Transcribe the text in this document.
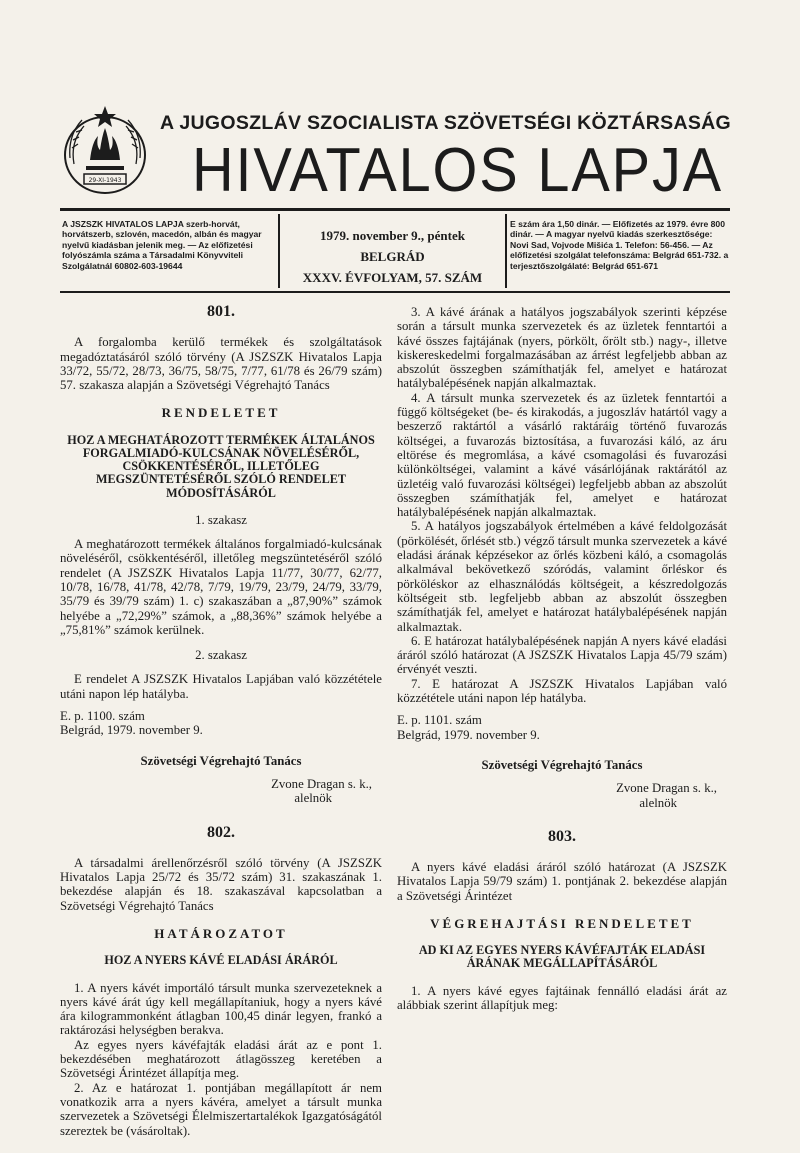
29-XI-1943
A JUGOSZLÁV SZOCIALISTA SZÖVETSÉGI KÖZTÁRSASÁG
HIVATALOS LAPJA
A JSZSZK HIVATALOS LAPJA szerb-horvát, horvátszerb, szlovén, macedón, albán és magyar nyelvű kiadásban jelenik meg. — Az előfizetési folyószámla száma a Társadalmi Könyvviteli Szolgálatnál 60802-603-19644
1979. november 9., péntek
BELGRÁD
XXXV. ÉVFOLYAM, 57. SZÁM
E szám ára 1,50 dinár. — Előfizetés az 1979. évre 800 dinár. — A magyar nyelvű kiadás szerkesztősége: Novi Sad, Vojvode Mišića 1. Telefon: 56-456. — Az előfizetési szolgálat telefonszáma: Belgrád 651-732. a terjesztőszolgálaté: Belgrád 651-671
801.

A forgalomba kerülő termékek és szolgáltatások megadóztatásáról szóló törvény (A JSZSZK Hivatalos Lapja 33/72, 55/72, 28/73, 36/75, 58/75, 7/77, 61/78 és 26/79 szám) 57. szakasza alapján a Szövetségi Végrehajtó Tanács

RENDELETET
HOZ A MEGHATÁROZOTT TERMÉKEK ÁLTALÁNOS FORGALMIADÓ-KULCSÁNAK NÖVELÉSÉRŐL, CSÖKKENTÉSÉRŐL, ILLETŐLEG MEGSZÜNTETÉSÉRŐL SZÓLÓ RENDELET MÓDOSÍTÁSÁRÓL
1. szakasz

A meghatározott termékek általános forgalmiadó-kulcsának növeléséről, csökkentéséről, illetőleg megszüntetéséről szóló rendelet (A JSZSZK Hivatalos Lapja 11/77, 30/77, 62/77, 10/78, 16/78, 41/78, 42/78, 7/79, 19/79, 23/79, 24/79, 33/79, 35/79 és 39/79 szám) 1. c) szakaszában a „87,90%” számok helyébe a „72,29%” számok, a „88,36%” számok helyébe a „75,81%” számok kerülnek.

2. szakasz

E rendelet A JSZSZK Hivatalos Lapjában való közzététele utáni napon lép hatályba.

E. p. 1100. szám

Belgrád, 1979. november 9.

Szövetségi Végrehajtó Tanács
Zvone Dragan s. k.,
alelnök
802.

A társadalmi árellenőrzésről szóló törvény (A JSZSZK Hivatalos Lapja 25/72 és 35/72 szám) 31. szakaszának 1. bekezdése alapján és 18. szakaszával kapcsolatban a Szövetségi Végrehajtó Tanács

HATÁROZATOT
HOZ A NYERS KÁVÉ ELADÁSI ÁRÁRÓL

1. A nyers kávét importáló társult munka szervezeteknek a nyers kávé árát úgy kell megállapítaniuk, hogy a nyers kávé ára kilogrammonként átlagban 100,45 dinár legyen, frankó a raktározási helységben berakva.

Az egyes nyers kávéfajták eladási árát az e pont 1. bekezdésében meghatározott átlagösszeg keretében a Szövetségi Árintézet állapítja meg.

2. Az e határozat 1. pontjában megállapított ár nem vonatkozik arra a nyers kávéra, amelyet a társult munka szervezetek a Szövetségi Élelmiszertartalékok Igazgatóságától szereztek be (vásároltak).

3. A kávé árának a hatályos jogszabályok szerinti képzése során a társult munka szervezetek és az üzletek fenntartói a kávé összes fajtájának (nyers, pörkölt, őrölt stb.) nagy-, illetve kiskereskedelmi forgalmazásában az árrést legfeljebb abban az abszolút összegben számíthatják fel, amelyet e határozat hatálybalépésének napján alkalmaztak.

4. A társult munka szervezetek és az üzletek fenntartói a függő költségeket (be- és kirakodás, a jugoszláv határtól vagy a beszerző raktártól a vásárló raktáráig történő fuvarozás költségei, a fuvarozás biztosítása, a fuvarozási káló, az áru eltörése és megromlása, a kávé csomagolási és fuvarozási különköltségei, valamint a kávé vásárlójának raktárától az üzletéig való fuvarozási költségei) legfeljebb abban az abszolút összegben számíthatják fel, amelyet e határozat hatálybalépésének napján alkalmaztak.

5. A hatályos jogszabályok értelmében a kávé feldolgozását (pörkölését, őrlését stb.) végző társult munka szervezetek a kávé eladási árának képzésekor az őrlés közbeni káló, a csomagolás alkalmával bekövetkező szóródás, valamint őrléskor és pörköléskor az elhasználódás költségeit, a készredolgozás költségeit stb. legfeljebb abban az abszolút összegben számíthatják fel, amelyet e határozat hatálybalépésének napján alkalmaztak.

6. E határozat hatálybalépésének napján A nyers kávé eladási áráról szóló határozat (A JSZSZK Hivatalos Lapja 45/79 szám) érvényét veszti.

7. E határozat A JSZSZK Hivatalos Lapjában való közzététele utáni napon lép hatályba.

E. p. 1101. szám

Belgrád, 1979. november 9.

Szövetségi Végrehajtó Tanács
Zvone Dragan s. k.,
alelnök
803.

A nyers kávé eladási áráról szóló határozat (A JSZSZK Hivatalos Lapja 59/79 szám) 1. pontjának 2. bekezdése alapján a Szövetségi Árintézet

VÉGREHAJTÁSI RENDELETET
AD KI AZ EGYES NYERS KÁVÉFAJTÁK ELADÁSI ÁRÁNAK MEGÁLLAPÍTÁSÁRÓL

1. A nyers kávé egyes fajtáinak fennálló eladási árát az alábbiak szerint állapítjuk meg:
